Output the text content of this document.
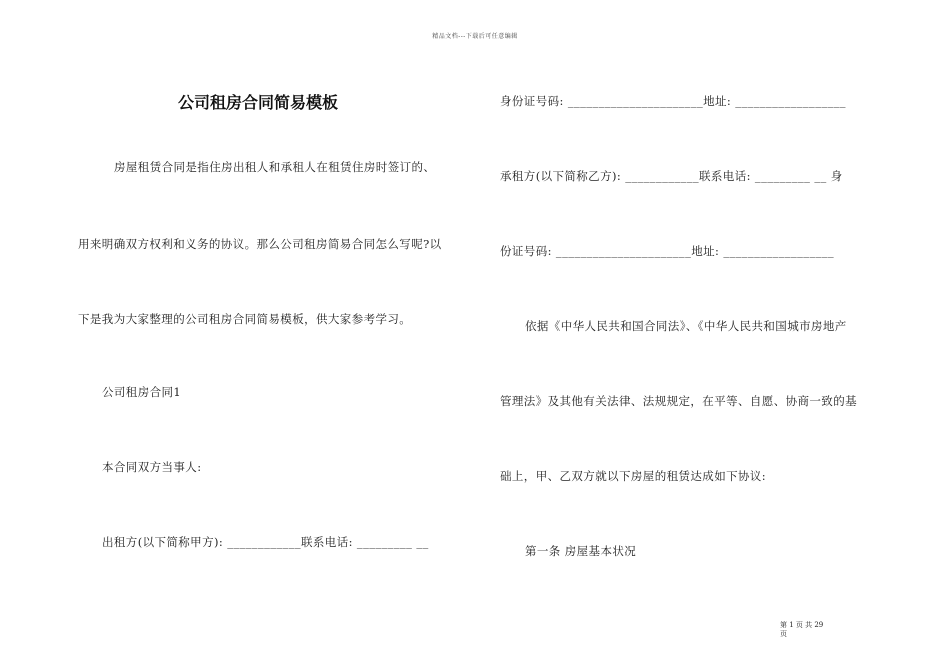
精品文档---下载后可任意编辑
公司租房合同简易模板
房屋租赁合同是指住房出租人和承租人在租赁住房时签订的、
用来明确双方权利和义务的协议。那么公司租房简易合同怎么写呢?以
下是我为大家整理的公司租房合同简易模板，供大家参考学习。
公司租房合同1
本合同双方当事人:
出租方(以下简称甲方): ____________联系电话: _________ __
身份证号码: ______________________地址: __________________
承租方(以下简称乙方): ____________联系电话: _________ __ 身
份证号码: ______________________地址: __________________
依据《中华人民共和国合同法》、《中华人民共和国城市房地产
管理法》及其他有关法律、法规规定，在平等、自愿、协商一致的基
础上，甲、乙双方就以下房屋的租赁达成如下协议:
第一条 房屋基本状况
第 1 页 共 29
页
